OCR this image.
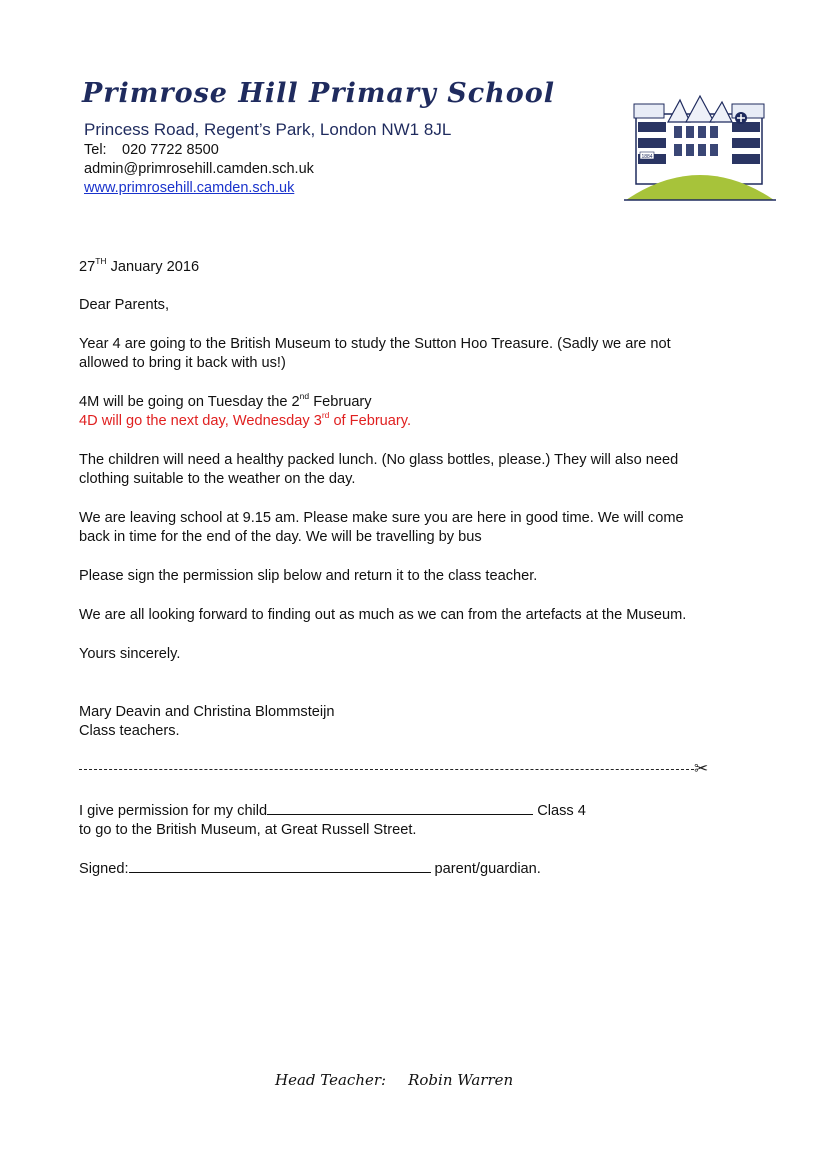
Primrose Hill Primary School
Princess Road, Regent’s Park, London NW1 8JL
Tel: 020 7722 8500
admin@primrosehill.camden.sch.uk
www.primrosehill.camden.sch.uk
1884
27TH January 2016
Dear Parents,
Year 4 are going to the British Museum to study the Sutton Hoo Treasure. (Sadly we are not
allowed to bring it back with us!)
4M will be going on Tuesday the 2nd February
4D will go the next day, Wednesday 3rd of February.
The children will need a healthy packed lunch. (No glass bottles, please.) They will also need
clothing suitable to the weather on the day.
We are leaving school at 9.15 am. Please make sure you are here in good time. We will come
back in time for the end of the day. We will be travelling by bus
Please sign the permission slip below and return it to the class teacher.
We are all looking forward to finding out as much as we can from the artefacts at the Museum.
Yours sincerely.
Mary Deavin and Christina Blommsteijn
Class teachers.
✂
I give permission for my child	Class 4
to go to the British Museum, at Great Russell Street.
Signed:	parent/guardian.
Head Teacher: Robin Warren
